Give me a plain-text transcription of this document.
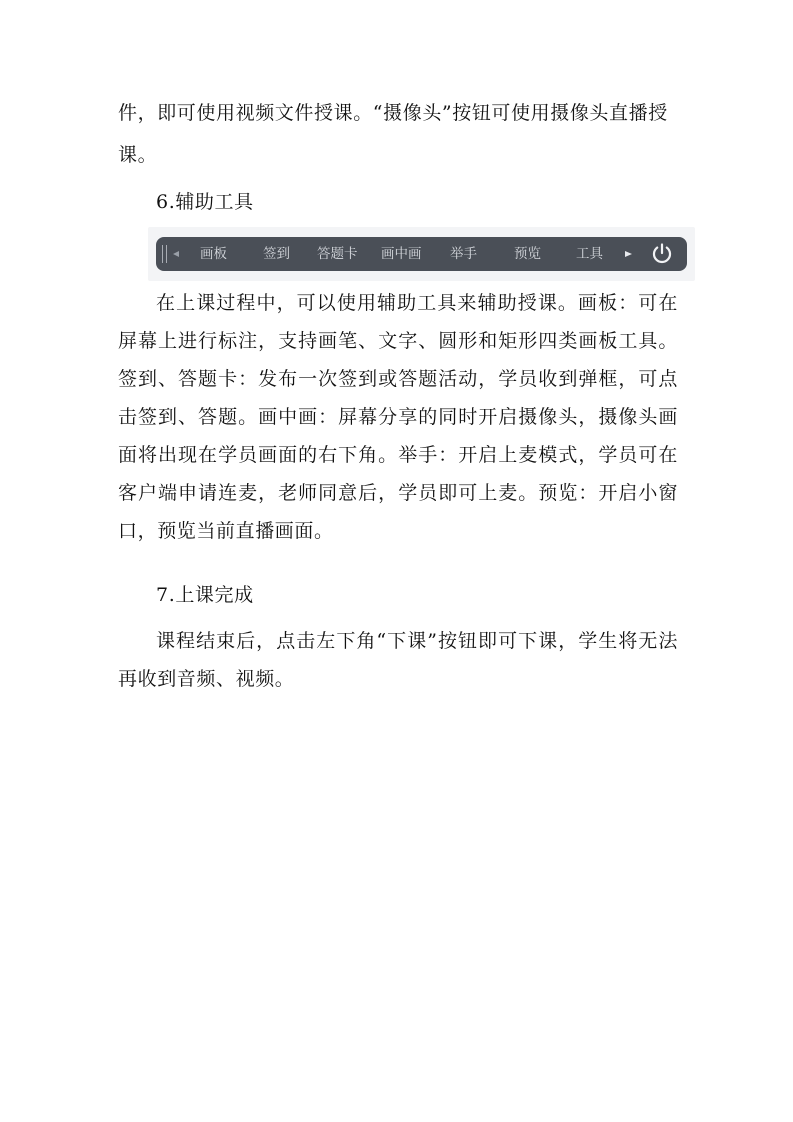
件，即可使用视频文件授课。“摄像头”按钮可使用摄像头直播授

课。

6.辅助工具

画板	签到 答题卡 画中画 举手	预览	工具

在上课过程中，可以使用辅助工具来辅助授课。画板：可在屏幕上进行标注，支持画笔、文字、圆形和矩形四类画板工具。签到、答题卡：发布一次签到或答题活动，学员收到弹框，可点击签到、答题。画中画：屏幕分享的同时开启摄像头，摄像头画面将出现在学员画面的右下角。举手：开启上麦模式，学员可在客户端申请连麦，老师同意后，学员即可上麦。预览：开启小窗口，预览当前直播画面。

7.上课完成

课程结束后，点击左下角“下课”按钮即可下课，学生将无法再收到音频、视频。
